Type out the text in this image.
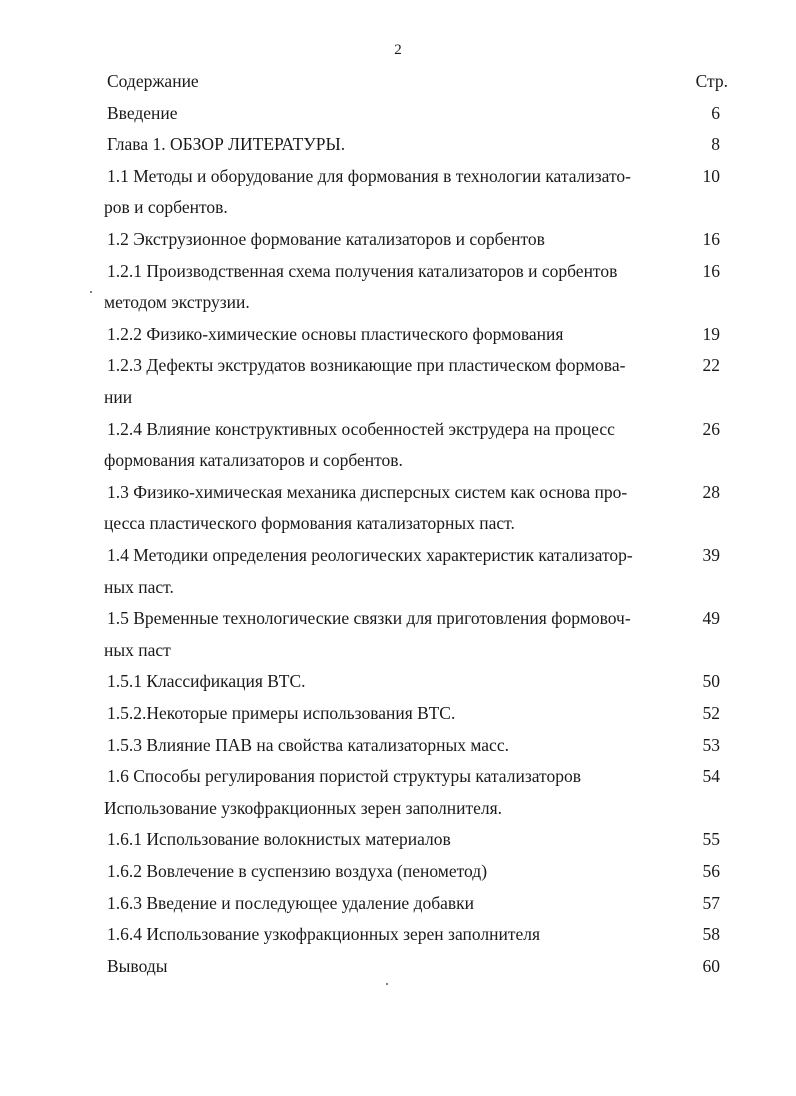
2
Содержание	Стр.
Введение	6
Глава 1. ОБЗОР ЛИТЕРАТУРЫ.	8
1.1 Методы и оборудование для формования в технологии катализато-	10
ров и сорбентов.
1.2 Экструзионное формование катализаторов и сорбентов	16
1.2.1 Производственная схема получения катализаторов и сорбентов	16
методом экструзии.
1.2.2 Физико-химические основы пластического формования	19
1.2.3 Дефекты экструдатов возникающие при пластическом формова-	22
нии
1.2.4 Влияние конструктивных особенностей экструдера на процесс	26
формования катализаторов и сорбентов.
1.3 Физико-химическая механика дисперсных систем как основа про-	28
цесса пластического формования катализаторных паст.
1.4 Методики определения реологических характеристик катализатор-	39
ных паст.
1.5 Временные технологические связки для приготовления формовоч-	49
ных паст
1.5.1 Классификация ВТС.	50
1.5.2.Некоторые примеры использования ВТС.	52
1.5.3 Влияние ПАВ на свойства катализаторных масс.	53
1.6 Способы регулирования пористой структуры катализаторов	54
Использование узкофракционных зерен заполнителя.
1.6.1 Использование волокнистых материалов	55
1.6.2 Вовлечение в суспензию воздуха (пенометод)	56
1.6.3 Введение и последующее удаление добавки	57
1.6.4 Использование узкофракционных зерен заполнителя	58
Выводы	60
